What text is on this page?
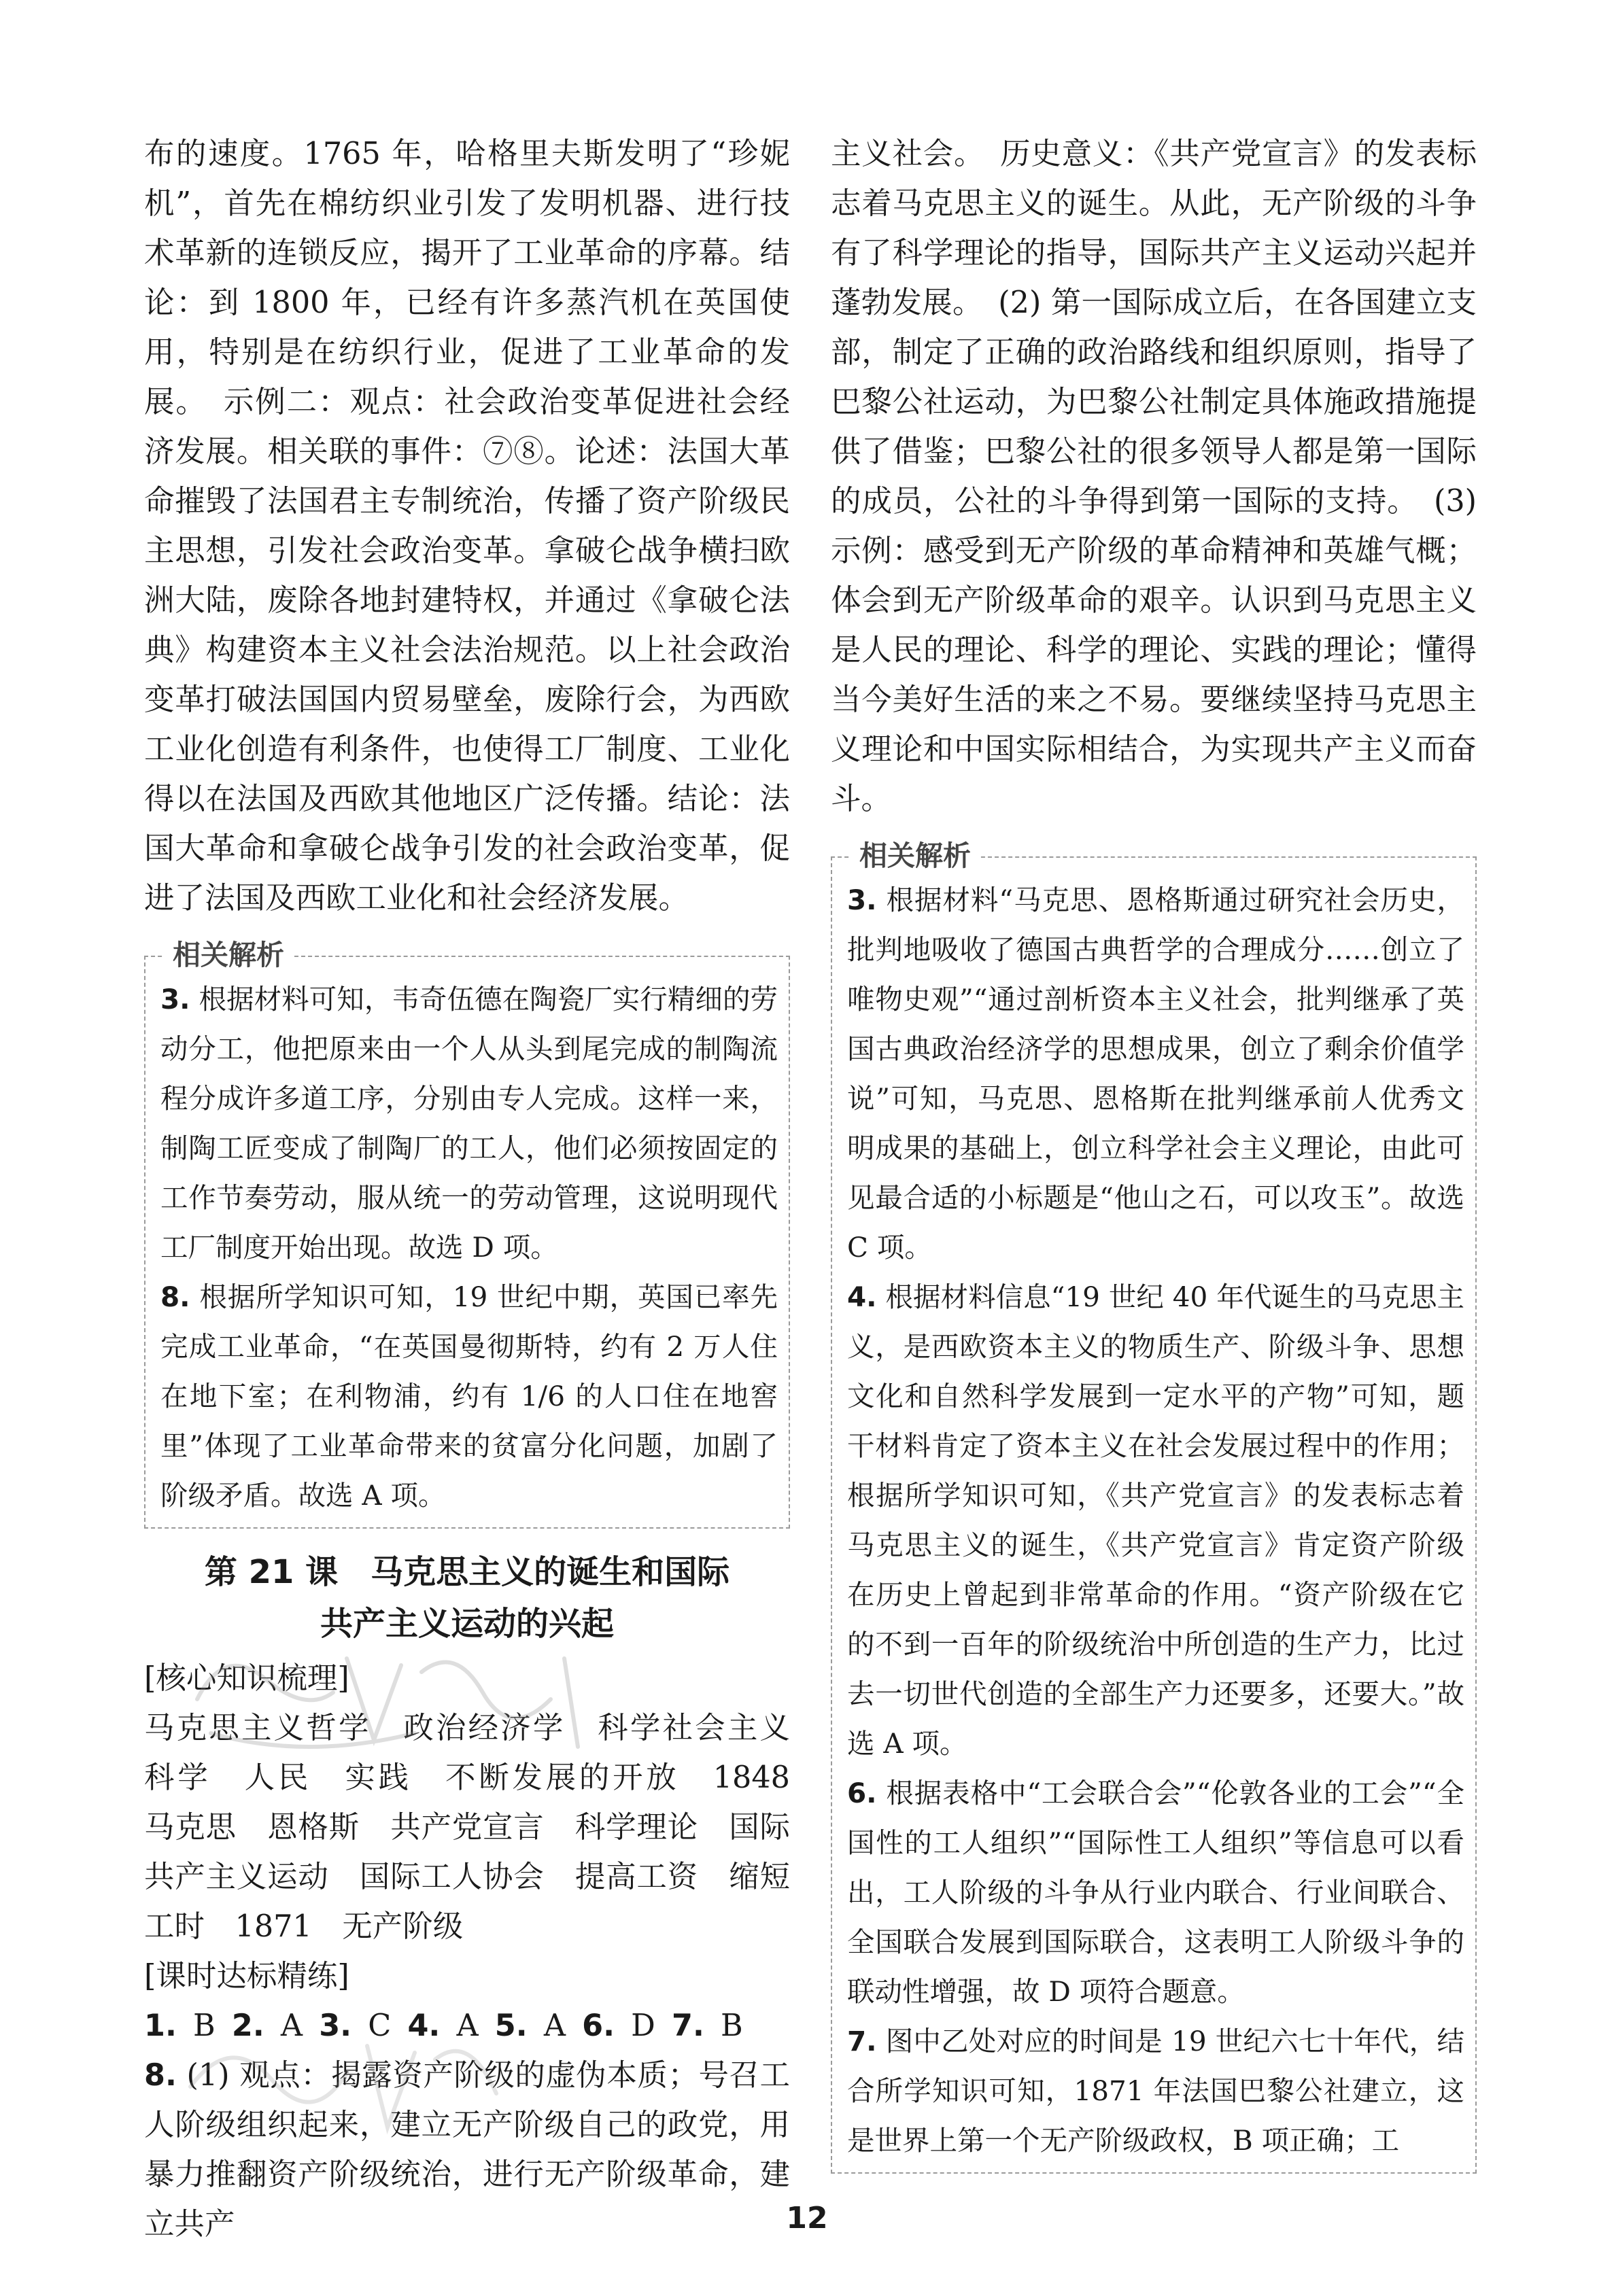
布的速度。1765 年，哈格里夫斯发明了“珍妮机”，首先在棉纺织业引发了发明机器、进行技术革新的连锁反应，揭开了工业革命的序幕。结论：到 1800 年，已经有许多蒸汽机在英国使用，特别是在纺织行业，促进了工业革命的发展。　示例二：观点：社会政治变革促进社会经济发展。相关联的事件：⑦⑧。论述：法国大革命摧毁了法国君主专制统治，传播了资产阶级民主思想，引发社会政治变革。拿破仑战争横扫欧洲大陆，废除各地封建特权，并通过《拿破仑法典》构建资本主义社会法治规范。以上社会政治变革打破法国国内贸易壁垒，废除行会，为西欧工业化创造有利条件，也使得工厂制度、工业化得以在法国及西欧其他地区广泛传播。结论：法国大革命和拿破仑战争引发的社会政治变革，促进了法国及西欧工业化和社会经济发展。

相关解析

3. 根据材料可知，韦奇伍德在陶瓷厂实行精细的劳动分工，他把原来由一个人从头到尾完成的制陶流程分成许多道工序，分别由专人完成。这样一来，制陶工匠变成了制陶厂的工人，他们必须按固定的工作节奏劳动，服从统一的劳动管理，这说明现代工厂制度开始出现。故选 D 项。

8. 根据所学知识可知，19 世纪中期，英国已率先完成工业革命，“在英国曼彻斯特，约有 2 万人住在地下室；在利物浦，约有 1/6 的人口住在地窖里”体现了工业革命带来的贫富分化问题，加剧了阶级矛盾。故选 A 项。

第 21 课　马克思主义的诞生和国际
共产主义运动的兴起

[核心知识梳理]

马克思主义哲学　政治经济学　科学社会主义　科学　人民　实践　不断发展的开放　1848　马克思　恩格斯　共产党宣言　科学理论　国际共产主义运动　国际工人协会　提高工资　缩短工时　1871　无产阶级

[课时达标精练]

1. B 2. A 3. C 4. A 5. A 6. D 7. B

8. (1) 观点：揭露资产阶级的虚伪本质；号召工人阶级组织起来，建立无产阶级自己的政党，用暴力推翻资产阶级统治，进行无产阶级革命，建立共产

主义社会。　历史意义：《共产党宣言》的发表标志着马克思主义的诞生。从此，无产阶级的斗争有了科学理论的指导，国际共产主义运动兴起并蓬勃发展。　(2) 第一国际成立后，在各国建立支部，制定了正确的政治路线和组织原则，指导了巴黎公社运动，为巴黎公社制定具体施政措施提供了借鉴；巴黎公社的很多领导人都是第一国际的成员，公社的斗争得到第一国际的支持。　(3) 示例：感受到无产阶级的革命精神和英雄气概；体会到无产阶级革命的艰辛。认识到马克思主义是人民的理论、科学的理论、实践的理论；懂得当今美好生活的来之不易。要继续坚持马克思主义理论和中国实际相结合，为实现共产主义而奋斗。

相关解析

3. 根据材料“马克思、恩格斯通过研究社会历史，批判地吸收了德国古典哲学的合理成分……创立了唯物史观”“通过剖析资本主义社会，批判继承了英国古典政治经济学的思想成果，创立了剩余价值学说”可知，马克思、恩格斯在批判继承前人优秀文明成果的基础上，创立科学社会主义理论，由此可见最合适的小标题是“他山之石，可以攻玉”。故选 C 项。

4. 根据材料信息“19 世纪 40 年代诞生的马克思主义，是西欧资本主义的物质生产、阶级斗争、思想文化和自然科学发展到一定水平的产物”可知，题干材料肯定了资本主义在社会发展过程中的作用；根据所学知识可知，《共产党宣言》的发表标志着马克思主义的诞生，《共产党宣言》肯定资产阶级在历史上曾起到非常革命的作用。“资产阶级在它的不到一百年的阶级统治中所创造的生产力，比过去一切世代创造的全部生产力还要多，还要大。”故选 A 项。

6. 根据表格中“工会联合会”“伦敦各业的工会”“全国性的工人组织”“国际性工人组织”等信息可以看出，工人阶级的斗争从行业内联合、行业间联合、全国联合发展到国际联合，这表明工人阶级斗争的联动性增强，故 D 项符合题意。

7. 图中乙处对应的时间是 19 世纪六七十年代，结合所学知识可知，1871 年法国巴黎公社建立，这是世界上第一个无产阶级政权，B 项正确；工

12
